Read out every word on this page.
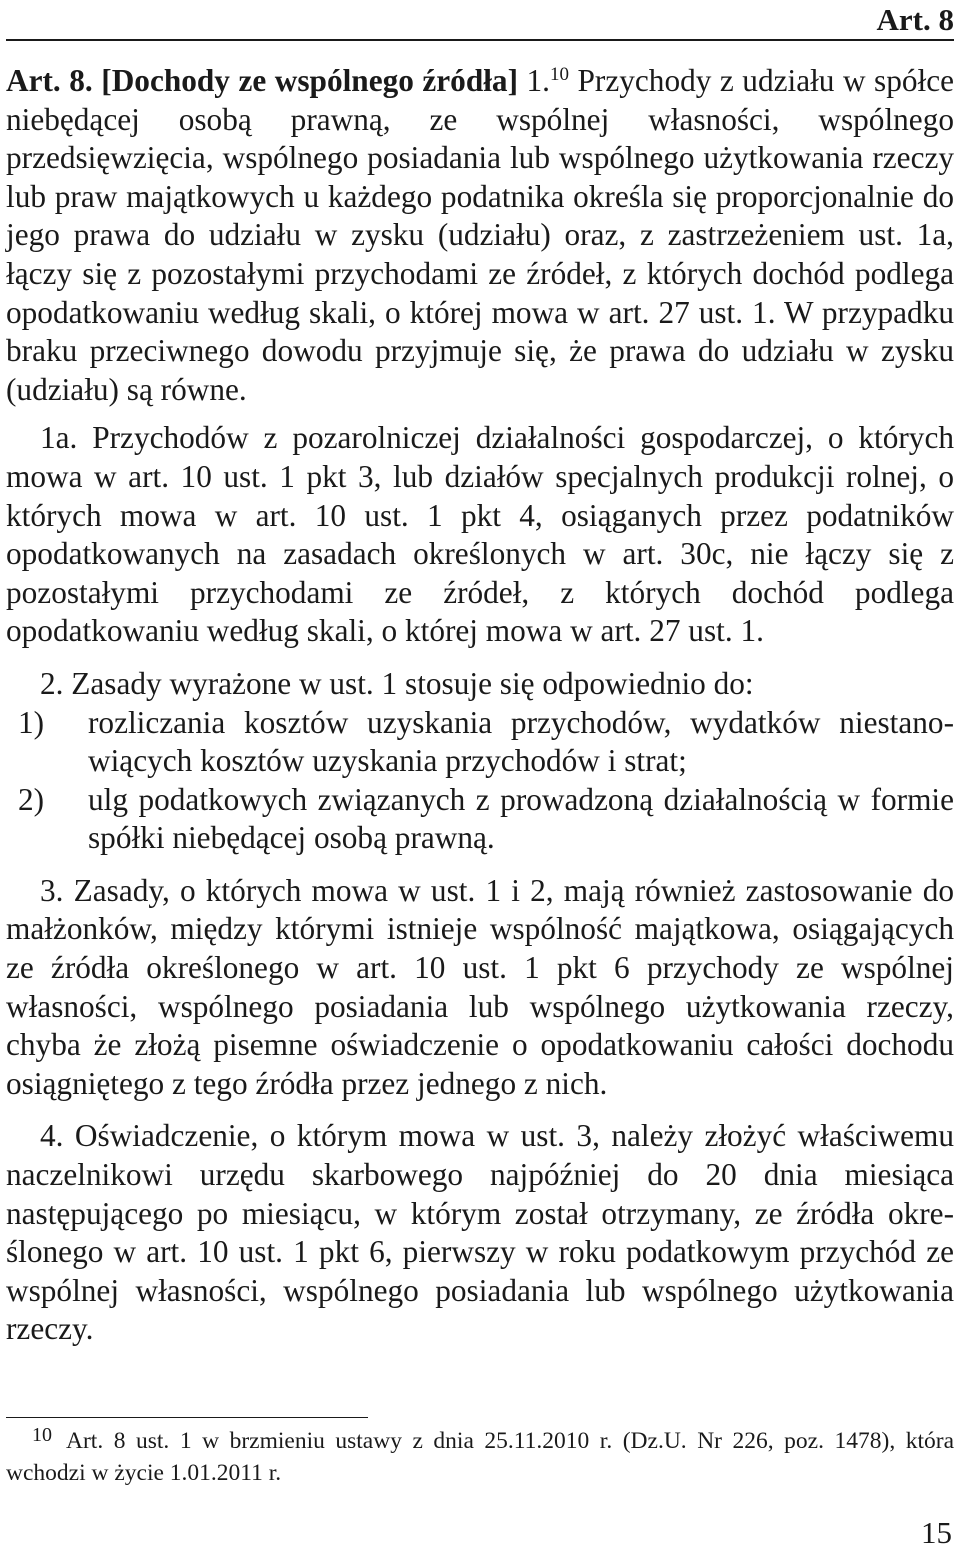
Art. 8

Art. 8. [Dochody ze wspólnego źródła] 1.10 Przychody z udziału w spółce niebędącej osobą prawną, ze wspólnej własności, wspólnego przedsięwzięcia, wspólnego posiadania lub wspólnego użytkowania rzeczy lub praw majątkowych u każdego podatnika określa się proporcjonalnie do jego prawa do udziału w zysku (udziału) oraz, z zastrzeżeniem ust. 1a, łączy się z pozostałymi przychodami ze źródeł, z których dochód podlega opodatkowaniu według skali, o której mowa w art. 27 ust. 1. W przypadku braku przeciwnego dowodu przyjmuje się, że prawa do udziału w zysku (udziału) są równe.

1a. Przychodów z pozarolniczej działalności gospodarczej, o których mowa w art. 10 ust. 1 pkt 3, lub działów specjalnych produkcji rolnej, o których mowa w art. 10 ust. 1 pkt 4, osiąganych przez podatników opodatkowanych na zasadach określonych w art. 30c, nie łączy się z pozostałymi przychodami ze źródeł, z których dochód podlega opodatkowaniu według skali, o której mowa w art. 27 ust. 1.

2. Zasady wyrażone w ust. 1 stosuje się odpowiednio do:

1)	rozliczania kosztów uzyskania przychodów, wydatków niestanowiących kosztów uzyskania przychodów i strat;
2)	ulg podatkowych związanych z prowadzoną działalnością w formie spółki niebędącej osobą prawną.

3. Zasady, o których mowa w ust. 1 i 2, mają również zastosowanie do małżonków, między którymi istnieje wspólność majątkowa, osiągających ze źródła określonego w art. 10 ust. 1 pkt 6 przychody ze wspólnej własności, wspólnego posiadania lub wspólnego użytkowania rzeczy, chyba że złożą pisemne oświadczenie o opodatkowaniu całości dochodu osiągniętego z tego źródła przez jednego z nich.

4. Oświadczenie, o którym mowa w ust. 3, należy złożyć właściwemu naczelnikowi urzędu skarbowego najpóźniej do 20 dnia miesiąca następującego po miesiącu, w którym został otrzymany, ze źródła określonego w art. 10 ust. 1 pkt 6, pierwszy w roku podatkowym przychód ze wspólnej własności, wspólnego posiadania lub wspólnego użytkowania rzeczy.

10 Art. 8 ust. 1 w brzmieniu ustawy z dnia 25.11.2010 r. (Dz.U. Nr 226, poz. 1478), która wchodzi w życie 1.01.2011 r.

15
